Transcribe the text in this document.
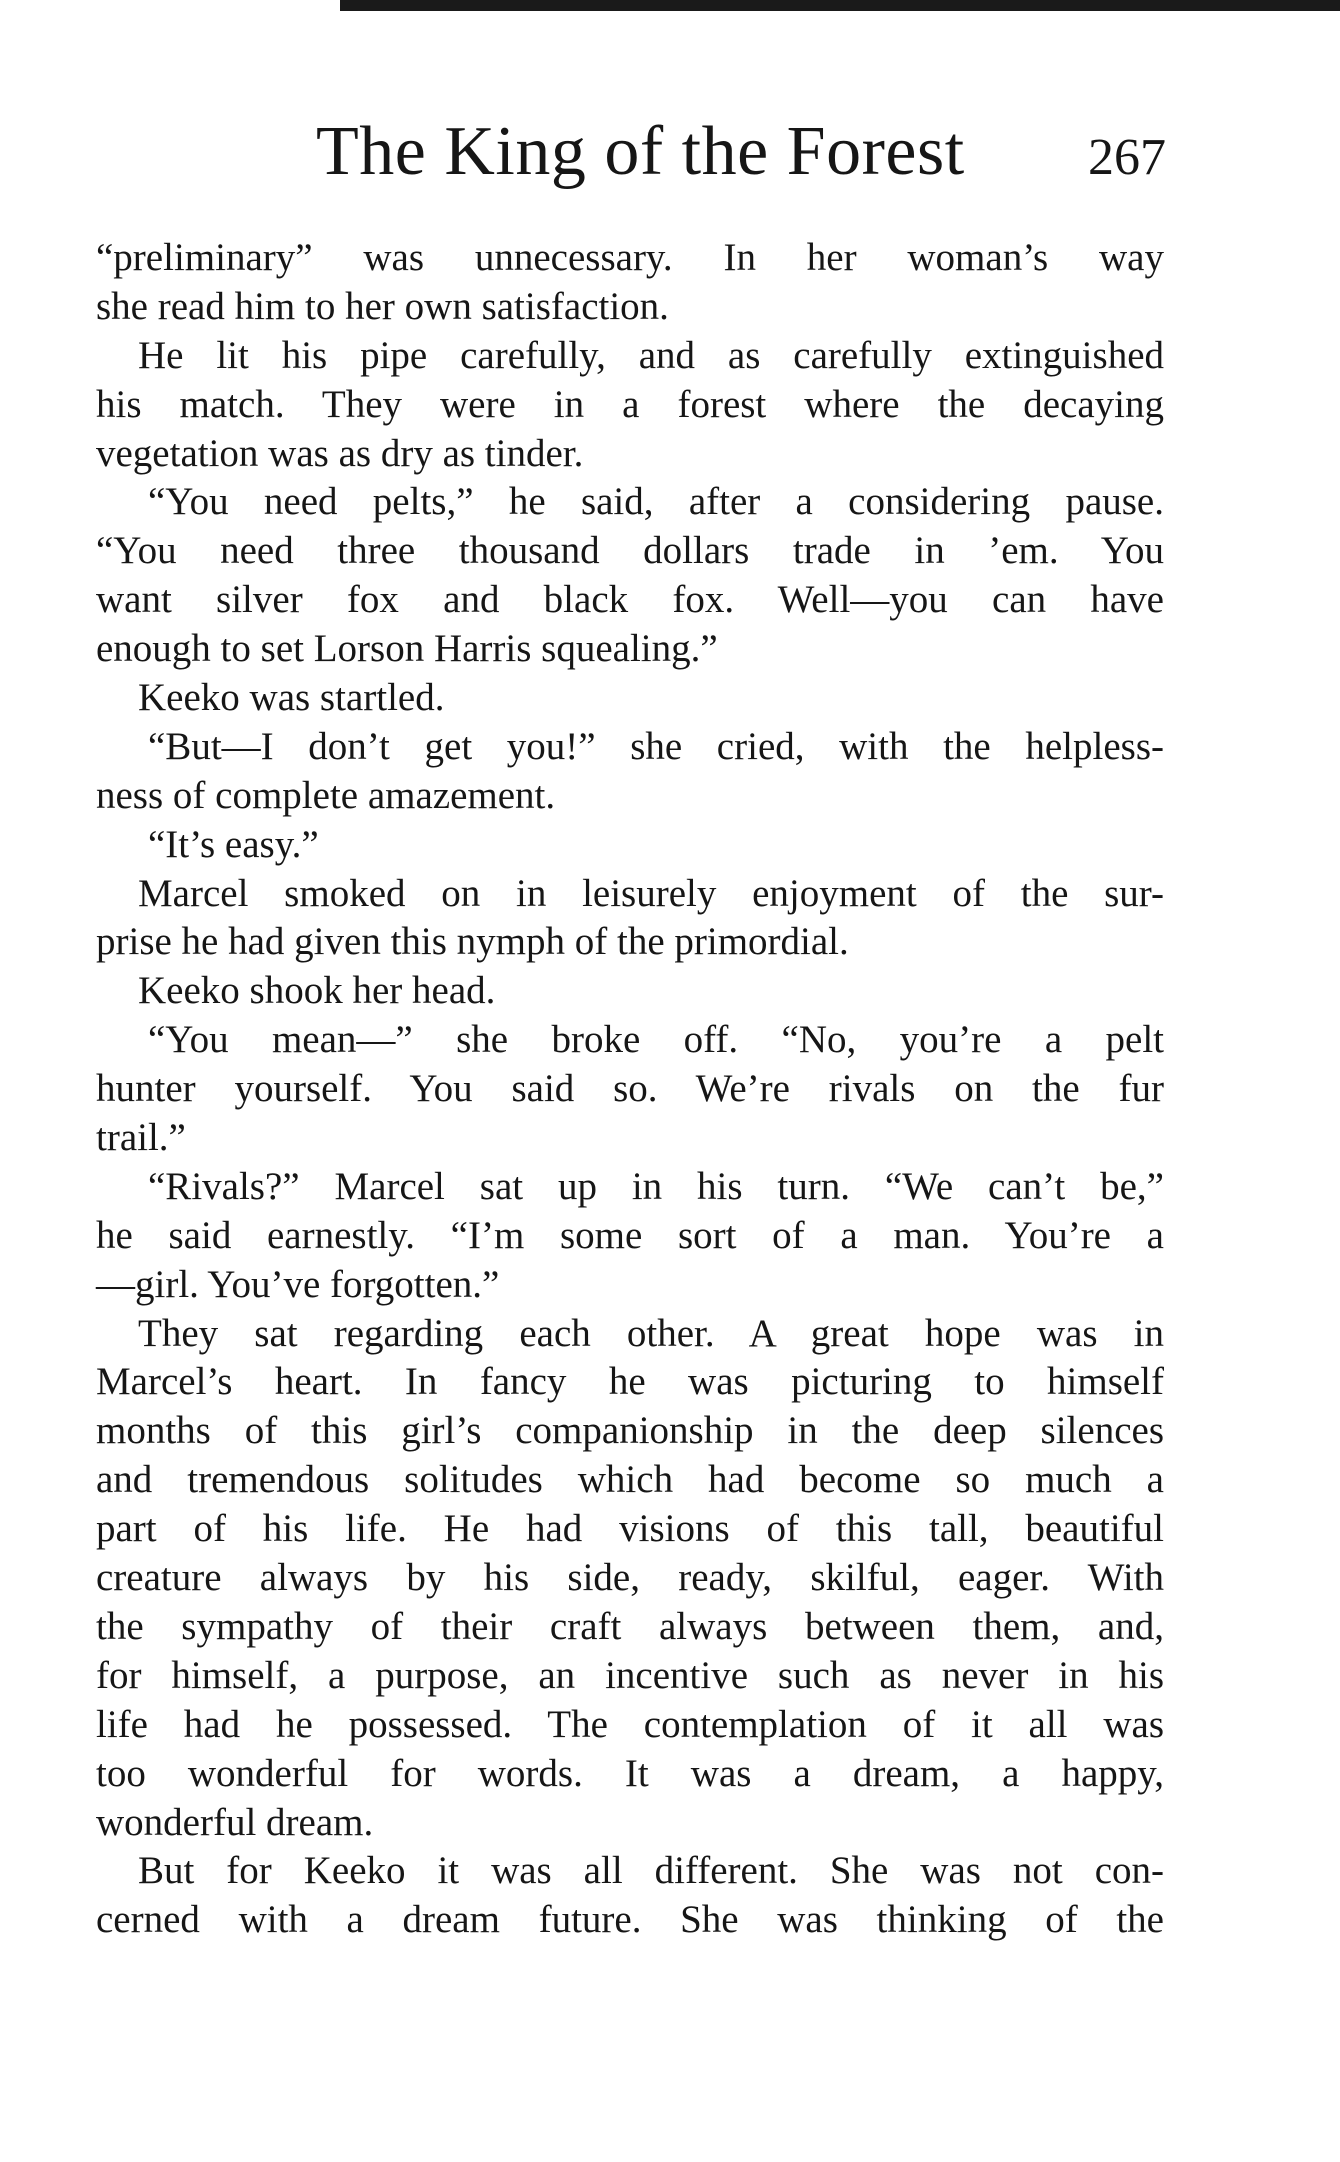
The King of the Forest 267
“preliminary” was unnecessary. In her woman’s way
she read him to her own satisfaction.
He lit his pipe carefully, and as carefully extinguished
his match. They were in a forest where the decaying
vegetation was as dry as tinder.
“You need pelts,” he said, after a considering pause.
“You need three thousand dollars trade in ’em. You
want silver fox and black fox. Well—you can have
enough to set Lorson Harris squealing.”
Keeko was startled.
“But—I don’t get you!” she cried, with the helpless-
ness of complete amazement.
“It’s easy.”
Marcel smoked on in leisurely enjoyment of the sur-
prise he had given this nymph of the primordial.
Keeko shook her head.
“You mean—” she broke off. “No, you’re a pelt
hunter yourself. You said so. We’re rivals on the fur
trail.”
“Rivals?” Marcel sat up in his turn. “We can’t be,”
he said earnestly. “I’m some sort of a man. You’re a
—girl. You’ve forgotten.”
They sat regarding each other. A great hope was in
Marcel’s heart. In fancy he was picturing to himself
months of this girl’s companionship in the deep silences
and tremendous solitudes which had become so much a
part of his life. He had visions of this tall, beautiful
creature always by his side, ready, skilful, eager. With
the sympathy of their craft always between them, and,
for himself, a purpose, an incentive such as never in his
life had he possessed. The contemplation of it all was
too wonderful for words. It was a dream, a happy,
wonderful dream.
But for Keeko it was all different. She was not con-
cerned with a dream future. She was thinking of the
